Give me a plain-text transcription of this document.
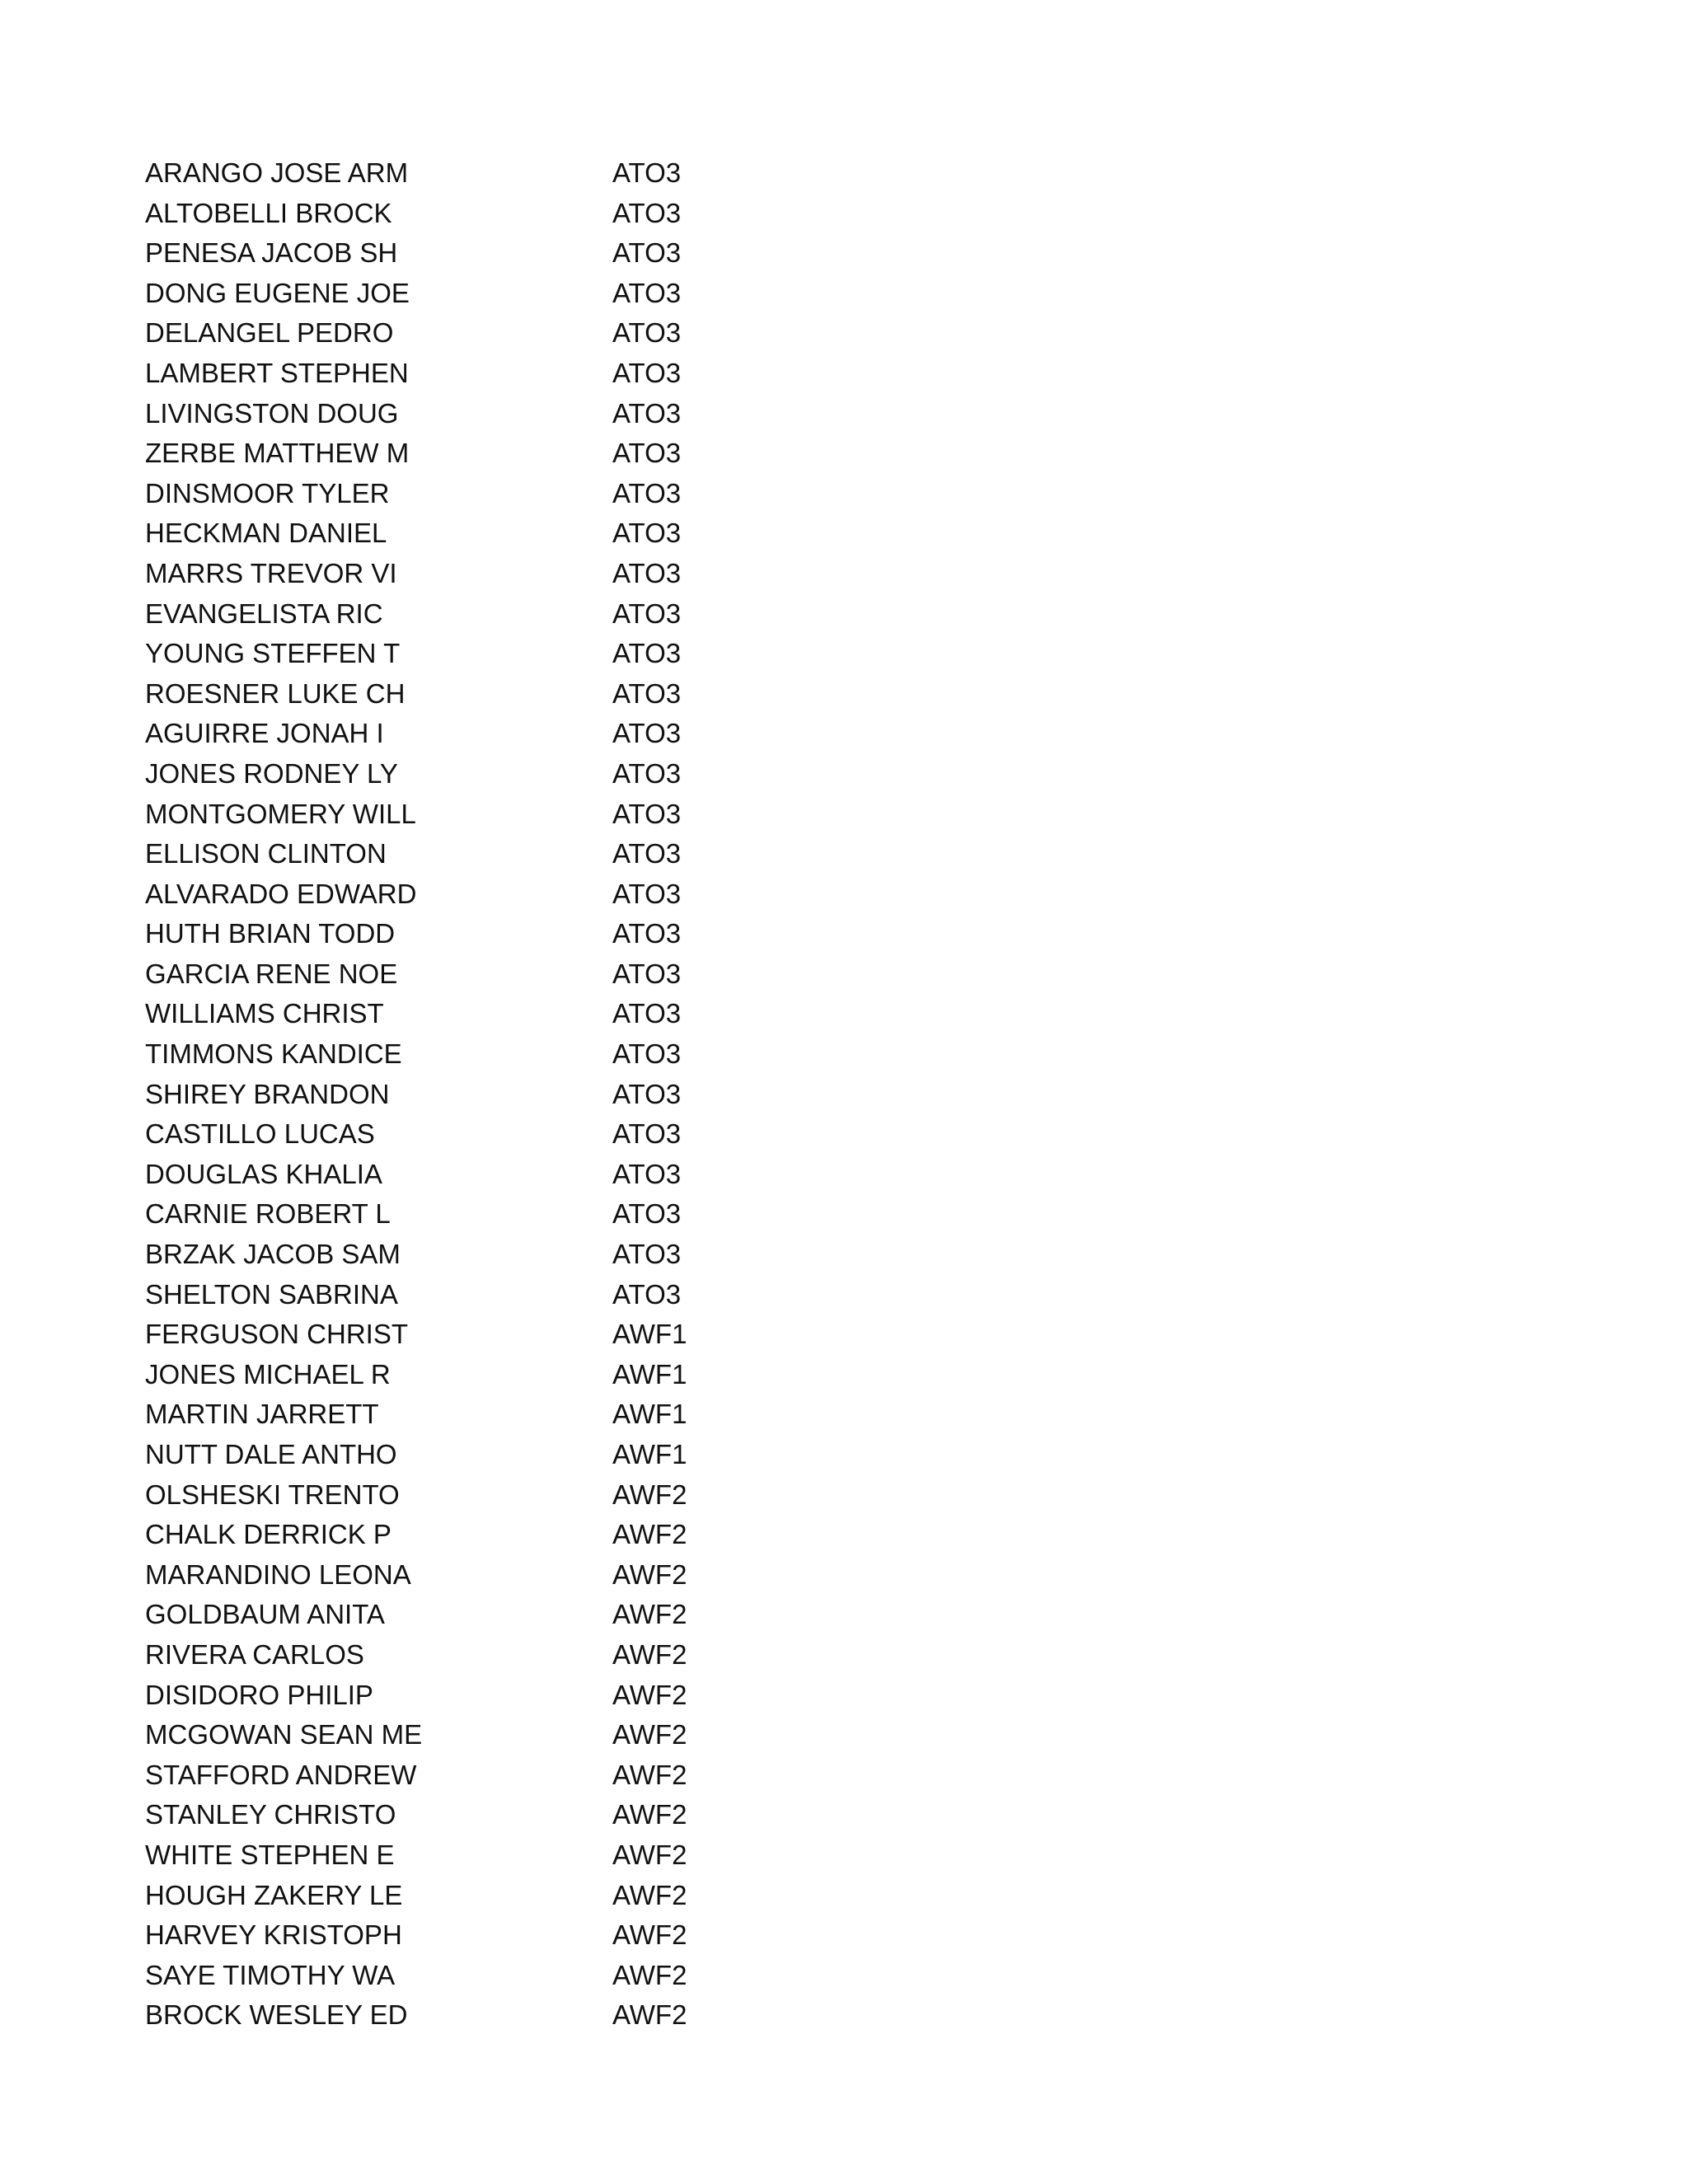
ARANGO JOSE ARM	ATO3
ALTOBELLI BROCK	ATO3
PENESA JACOB SH	ATO3
DONG EUGENE JOE	ATO3
DELANGEL PEDRO	ATO3
LAMBERT STEPHEN	ATO3
LIVINGSTON DOUG	ATO3
ZERBE MATTHEW M	ATO3
DINSMOOR TYLER	ATO3
HECKMAN DANIEL	ATO3
MARRS TREVOR VI	ATO3
EVANGELISTA RIC	ATO3
YOUNG STEFFEN T	ATO3
ROESNER LUKE CH	ATO3
AGUIRRE JONAH I	ATO3
JONES RODNEY LY	ATO3
MONTGOMERY WILL	ATO3
ELLISON CLINTON	ATO3
ALVARADO EDWARD	ATO3
HUTH BRIAN TODD	ATO3
GARCIA RENE NOE	ATO3
WILLIAMS CHRIST	ATO3
TIMMONS KANDICE	ATO3
SHIREY BRANDON	ATO3
CASTILLO LUCAS	ATO3
DOUGLAS KHALIA	ATO3
CARNIE ROBERT L	ATO3
BRZAK JACOB SAM	ATO3
SHELTON SABRINA	ATO3
FERGUSON CHRIST	AWF1
JONES MICHAEL R	AWF1
MARTIN JARRETT	AWF1
NUTT DALE ANTHO	AWF1
OLSHESKI TRENTO	AWF2
CHALK DERRICK P	AWF2
MARANDINO LEONA	AWF2
GOLDBAUM ANITA	AWF2
RIVERA CARLOS	AWF2
DISIDORO PHILIP	AWF2
MCGOWAN SEAN ME	AWF2
STAFFORD ANDREW	AWF2
STANLEY CHRISTO	AWF2
WHITE STEPHEN E	AWF2
HOUGH ZAKERY LE	AWF2
HARVEY KRISTOPH	AWF2
SAYE TIMOTHY WA	AWF2
BROCK WESLEY ED	AWF2
